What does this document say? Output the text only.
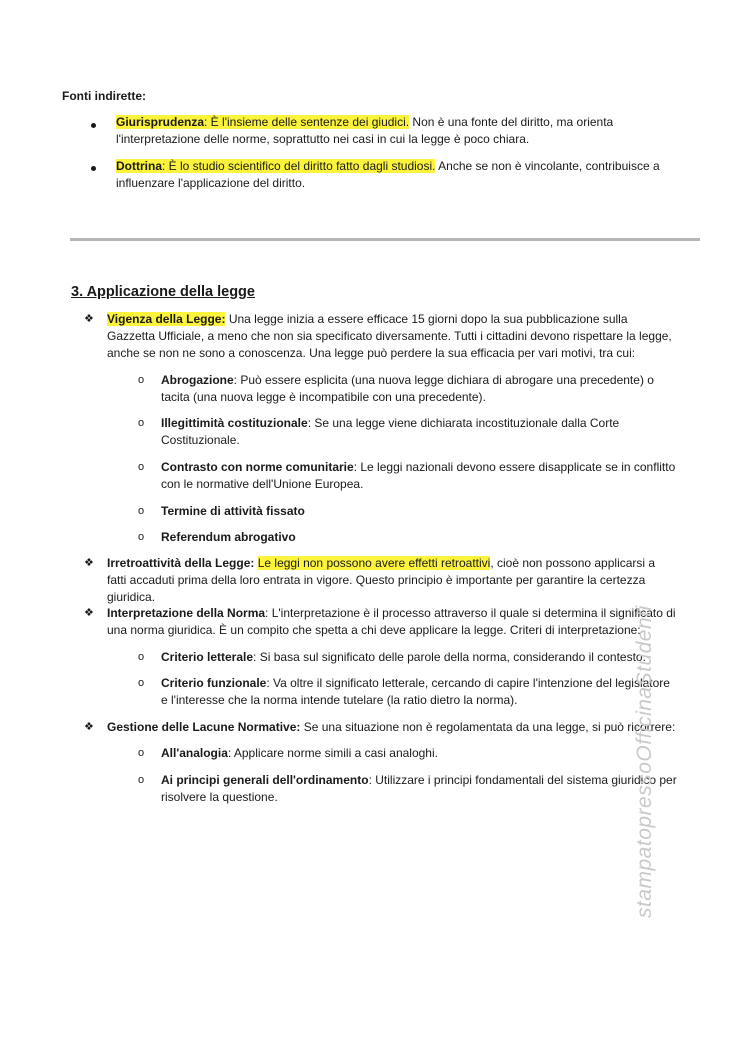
Fonti indirette:
Giurisprudenza: È l'insieme delle sentenze dei giudici. Non è una fonte del diritto, ma orienta
l'interpretazione delle norme, soprattutto nei casi in cui la legge è poco chiara.
Dottrina: È lo studio scientifico del diritto fatto dagli studiosi. Anche se non è vincolante, contribuisce a
influenzare l'applicazione del diritto.
3. Applicazione della legge
❖ Vigenza della Legge: Una legge inizia a essere efficace 15 giorni dopo la sua pubblicazione sulla
Gazzetta Ufficiale, a meno che non sia specificato diversamente. Tutti i cittadini devono rispettare la legge,
anche se non ne sono a conoscenza. Una legge può perdere la sua efficacia per vari motivi, tra cui:
o Abrogazione: Può essere esplicita (una nuova legge dichiara di abrogare una precedente) o
tacita (una nuova legge è incompatibile con una precedente).
o Illegittimità costituzionale: Se una legge viene dichiarata incostituzionale dalla Corte
Costituzionale.
o Contrasto con norme comunitarie: Le leggi nazionali devono essere disapplicate se in conflitto
con le normative dell'Unione Europea.
o Termine di attività fissato
o Referendum abrogativo
❖ Irretroattività della Legge: Le leggi non possono avere effetti retroattivi, cioè non possono applicarsi a
fatti accaduti prima della loro entrata in vigore. Questo principio è importante per garantire la certezza
giuridica.
❖ Interpretazione della Norma: L'interpretazione è il processo attraverso il quale si determina il significato di
una norma giuridica. È un compito che spetta a chi deve applicare la legge. Criteri di interpretazione:
o Criterio letterale: Si basa sul significato delle parole della norma, considerando il contesto.
o Criterio funzionale: Va oltre il significato letterale, cercando di capire l'intenzione del legislatore
e l'interesse che la norma intende tutelare (la ratio dietro la norma).
❖ Gestione delle Lacune Normative: Se una situazione non è regolamentata da una legge, si può ricorrere:
o All'analogia: Applicare norme simili a casi analoghi.
o Ai principi generali dell'ordinamento: Utilizzare i principi fondamentali del sistema giuridico per
risolvere la questione.	stampatopressoOfficinaStudenti
